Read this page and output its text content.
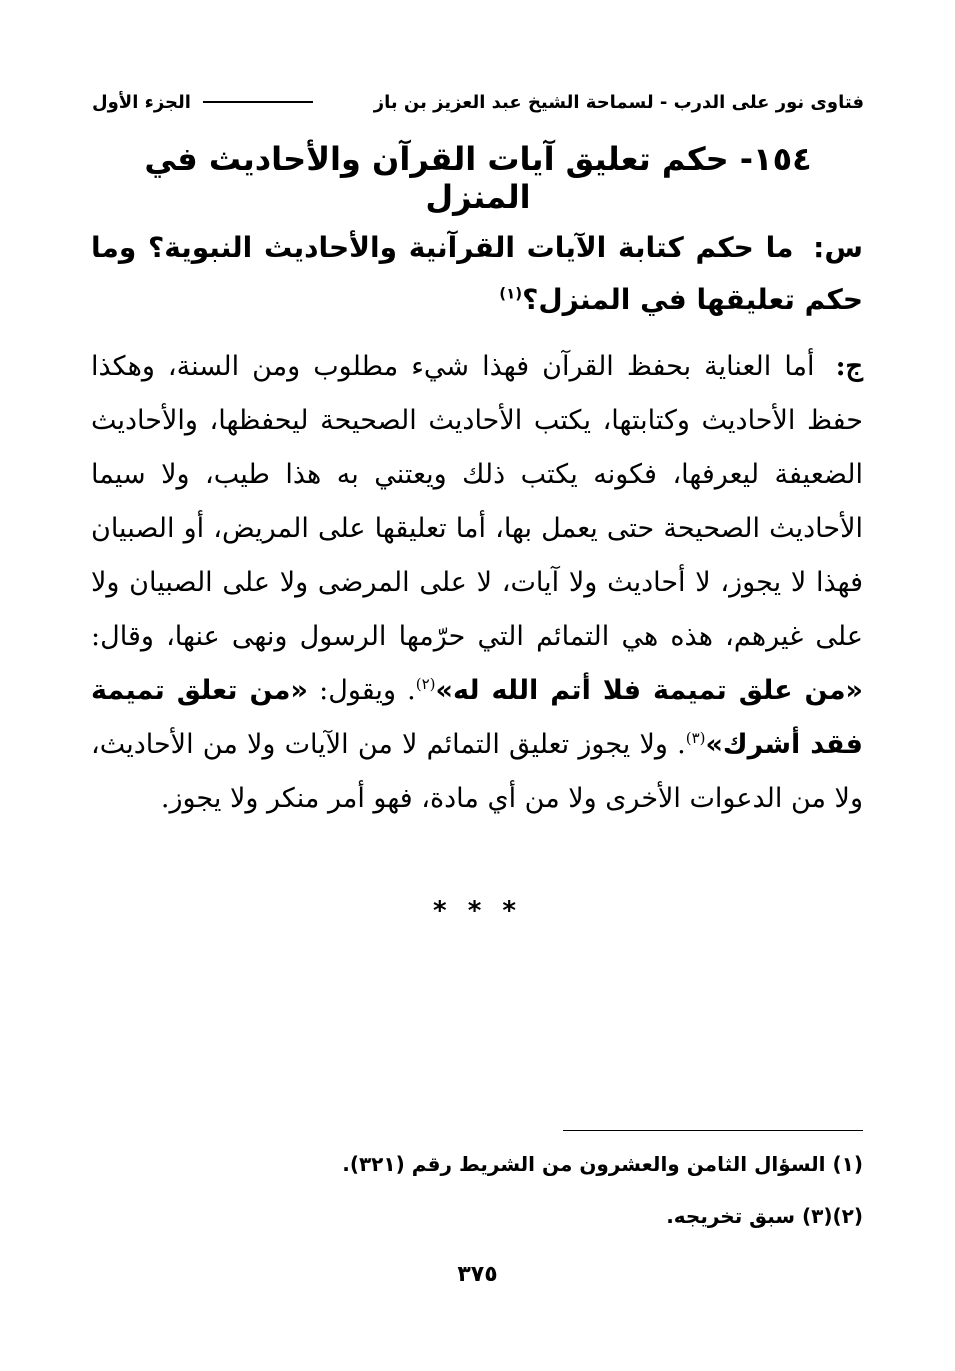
فتاوى نور على الدرب - لسماحة الشيخ عبد العزيز بن باز
الجزء الأول
١٥٤- حكم تعليق آيات القرآن والأحاديث في المنزل
س: ما حكم كتابة الآيات القرآنية والأحاديث النبوية؟ وما حكم تعليقها في المنزل؟$^{(١)}$
ج: أما العناية بحفظ القرآن فهذا شيء مطلوب ومن السنة، وهكذا حفظ الأحاديث وكتابتها، يكتب الأحاديث الصحيحة ليحفظها، والأحاديث الضعيفة ليعرفها، فكونه يكتب ذلك ويعتني به هذا طيب، ولا سيما الأحاديث الصحيحة حتى يعمل بها، أما تعليقها على المريض، أو الصبيان فهذا لا يجوز، لا أحاديث ولا آيات، لا على المرضى ولا على الصبيان ولا على غيرهم، هذه هي التمائم التي حرّمها الرسول ونهى عنها، وقال: «من علق تميمة فلا أتم الله له»$^{(٢)}$. ويقول: «من تعلق تميمة فقد أشرك»$^{(٣)}$. ولا يجوز تعليق التمائم لا من الآيات ولا من الأحاديث، ولا من الدعوات الأخرى ولا من أي مادة، فهو أمر منكر ولا يجوز.
* * *
(١) السؤال الثامن والعشرون من الشريط رقم (٣٢١).
(٢)(٣) سبق تخريجه.
٣٧٥
